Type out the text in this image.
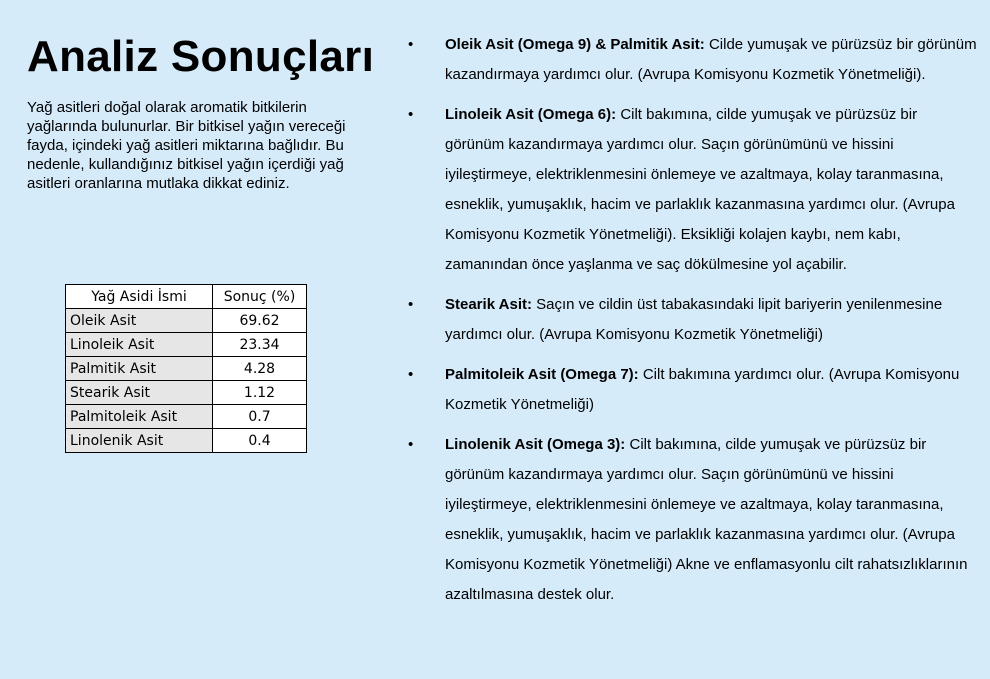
Analiz Sonuçları

Yağ asitleri doğal olarak aromatik bitkilerin yağlarında bulunurlar. Bir bitkisel yağın vereceği fayda, içindeki yağ asitleri miktarına bağlıdır. Bu nedenle, kullandığınız bitkisel yağın içerdiği yağ asitleri oranlarına mutlaka dikkat ediniz.

Yağ Asidi İsmi	Sonuç (%)
Oleik Asit	69.62
Linoleik Asit	23.34
Palmitik Asit	4.28
Stearik Asit	1.12
Palmitoleik Asit	0.7
Linolenik Asit	0.4
• Oleik Asit (Omega 9) & Palmitik Asit: Cilde yumuşak ve pürüzsüz bir görünüm kazandırmaya yardımcı olur. (Avrupa Komisyonu Kozmetik Yönetmeliği).
• Linoleik Asit (Omega 6): Cilt bakımına, cilde yumuşak ve pürüzsüz bir görünüm kazandırmaya yardımcı olur. Saçın görünümünü ve hissini iyileştirmeye, elektriklenmesini önlemeye ve azaltmaya, kolay taranmasına, esneklik, yumuşaklık, hacim ve parlaklık kazanmasına yardımcı olur. (Avrupa Komisyonu Kozmetik Yönetmeliği). Eksikliği kolajen kaybı, nem kabı, zamanından önce yaşlanma ve saç dökülmesine yol açabilir.
• Stearik Asit: Saçın ve cildin üst tabakasındaki lipit bariyerin yenilenmesine yardımcı olur. (Avrupa Komisyonu Kozmetik Yönetmeliği)
• Palmitoleik Asit (Omega 7): Cilt bakımına yardımcı olur. (Avrupa Komisyonu Kozmetik Yönetmeliği)
• Linolenik Asit (Omega 3): Cilt bakımına, cilde yumuşak ve pürüzsüz bir görünüm kazandırmaya yardımcı olur. Saçın görünümünü ve hissini iyileştirmeye, elektriklenmesini önlemeye ve azaltmaya, kolay taranmasına, esneklik, yumuşaklık, hacim ve parlaklık kazanmasına yardımcı olur. (Avrupa Komisyonu Kozmetik Yönetmeliği) Akne ve enflamasyonlu cilt rahatsızlıklarının azaltılmasına destek olur.
